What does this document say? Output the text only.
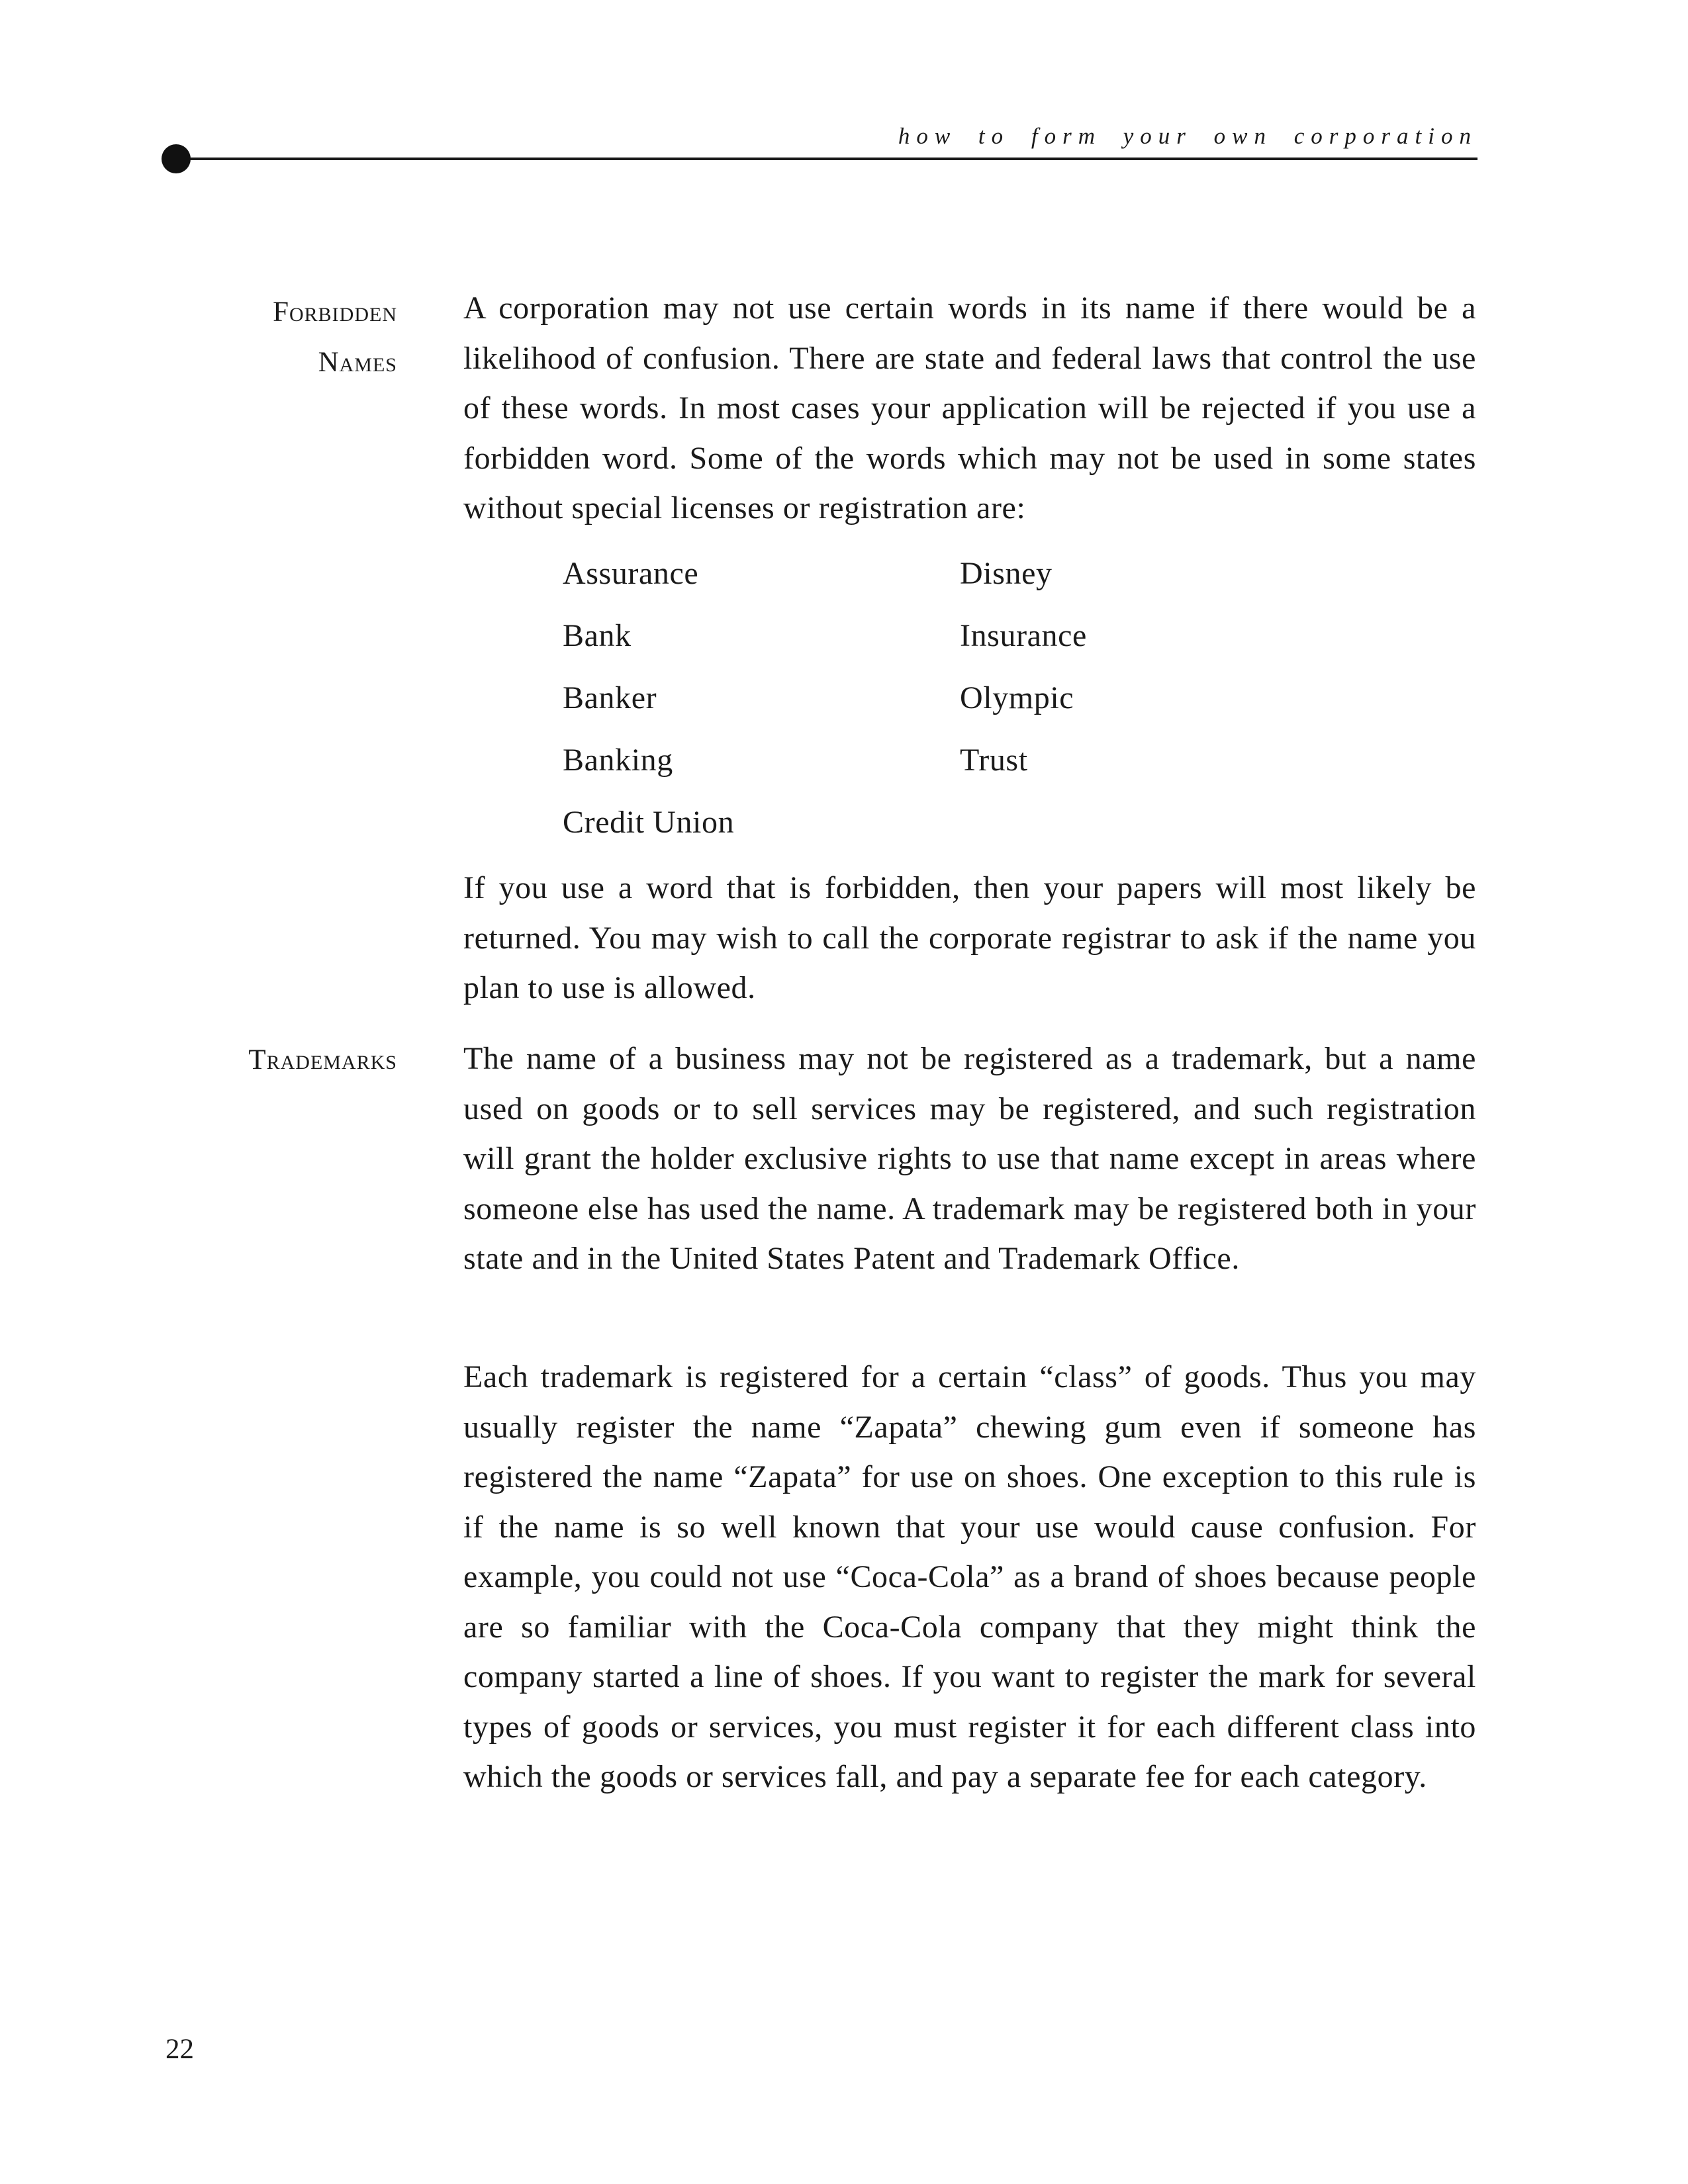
how to form your own corporation
Forbidden
Names
A corporation may not use certain words in its name if there would be a likelihood of confusion. There are state and federal laws that control the use of these words. In most cases your application will be rejected if you use a forbidden word. Some of the words which may not be used in some states without special licenses or registration are:
Assurance	Disney
Bank	Insurance
Banker	Olympic
Banking	Trust
Credit Union
If you use a word that is forbidden, then your papers will most likely be returned. You may wish to call the corporate registrar to ask if the name you plan to use is allowed.
Trademarks The name of a business may not be registered as a trademark, but a name used on goods or to sell services may be registered, and such registration will grant the holder exclusive rights to use that name except in areas where someone else has used the name. A trademark may be registered both in your state and in the United States Patent and Trademark Office.
Each trademark is registered for a certain “class” of goods. Thus you may usually register the name “Zapata” chewing gum even if someone has registered the name “Zapata” for use on shoes. One exception to this rule is if the name is so well known that your use would cause confusion. For example, you could not use “Coca-Cola” as a brand of shoes because people are so familiar with the Coca-Cola company that they might think the company started a line of shoes. If you want to register the mark for several types of goods or services, you must register it for each different class into which the goods or services fall, and pay a separate fee for each category.
22
